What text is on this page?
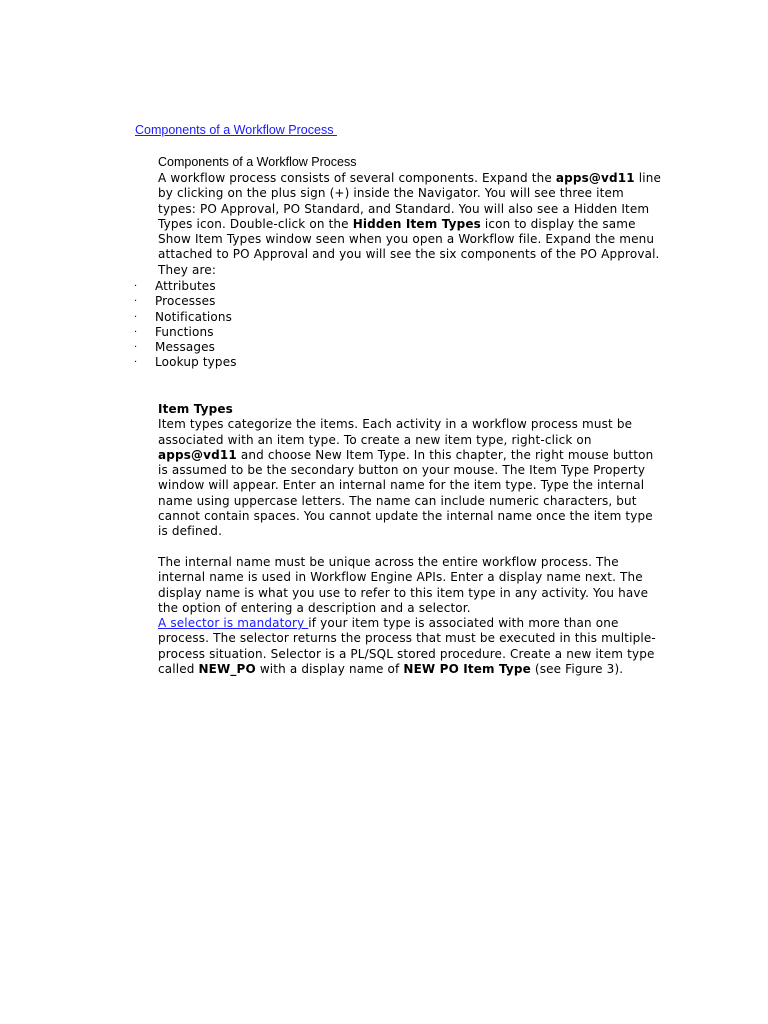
Components of a Workflow Process
Components of a Workflow Process

A workflow process consists of several components. Expand the apps@vd11 line by clicking on the plus sign (+) inside the Navigator. You will see three item types: PO Approval, PO Standard, and Standard. You will also see a Hidden Item Types icon. Double-click on the Hidden Item Types icon to display the same Show Item Types window seen when you open a Workflow file. Expand the menu attached to PO Approval and you will see the six components of the PO Approval. They are:

·	Attributes
·	Processes
·	Notifications
·	Functions
·	Messages
·	Lookup types

Item Types

Item types categorize the items. Each activity in a workflow process must be associated with an item type. To create a new item type, right-click on apps@vd11 and choose New Item Type. In this chapter, the right mouse button is assumed to be the secondary button on your mouse. The Item Type Property window will appear. Enter an internal name for the item type. Type the internal name using uppercase letters. The name can include numeric characters, but cannot contain spaces. You cannot update the internal name once the item type is defined.

The internal name must be unique across the entire workflow process. The internal name is used in Workflow Engine APIs. Enter a display name next. The display name is what you use to refer to this item type in any activity. You have the option of entering a description and a selector.
A selector is mandatory if your item type is associated with more than one process. The selector returns the process that must be executed in this multiple-process situation. Selector is a PL/SQL stored procedure. Create a new item type called NEW_PO with a display name of NEW PO Item Type (see Figure 3).
